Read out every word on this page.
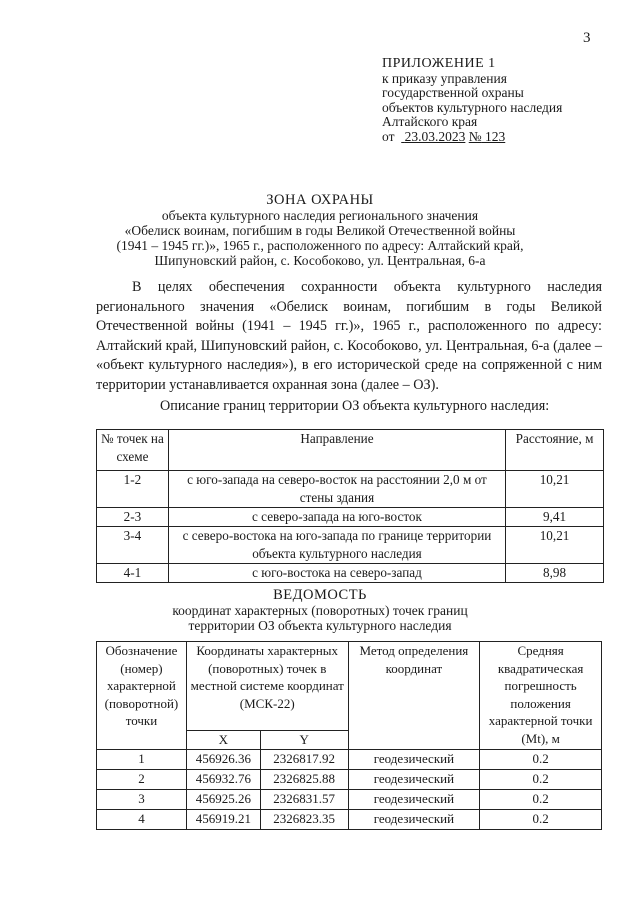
3
ПРИЛОЖЕНИЕ 1
к приказу управления
государственной охраны
объектов культурного наследия
Алтайского края
от 23.03.2023 № 123
ЗОНА ОХРАНЫ
объекта культурного наследия регионального значения
«Обелиск воинам, погибшим в годы Великой Отечественной войны
(1941 – 1945 гг.)», 1965 г., расположенного по адресу: Алтайский край,
Шипуновский район, с. Кособоково, ул. Центральная, 6-а
В целях обеспечения сохранности объекта культурного наследия регионального значения «Обелиск воинам, погибшим в годы Великой Отечественной войны (1941 – 1945 гг.)», 1965 г., расположенного по адресу: Алтайский край, Шипуновский район, с. Кособоково, ул. Центральная, 6-а (далее – «объект культурного наследия»), в его исторической среде на сопряженной с ним территории устанавливается охранная зона (далее – ОЗ).
Описание границ территории ОЗ объекта культурного наследия:
№ точек на схеме	Направление	Расстояние, м
1-2	с юго-запада на северо-восток на расстоянии 2,0 м от стены здания	10,21
2-3	с северо-запада на юго-восток	9,41
3-4	с северо-востока на юго-запада по границе территории объекта культурного наследия	10,21
4-1	с юго-востока на северо-запад	8,98
ВЕДОМОСТЬ
координат характерных (поворотных) точек границ
территории ОЗ объекта культурного наследия
Обозначение (номер) характерной (поворотной) точки	Координаты характерных (поворотных) точек в местной системе координат (МСК-22)		Метод определения координат	Средняя квадратическая погрешность положения характерной точки (Mt), м
	X	Y		
1	456926.36	2326817.92	геодезический	0.2
2	456932.76	2326825.88	геодезический	0.2
3	456925.26	2326831.57	геодезический	0.2
4	456919.21	2326823.35	геодезический	0.2
